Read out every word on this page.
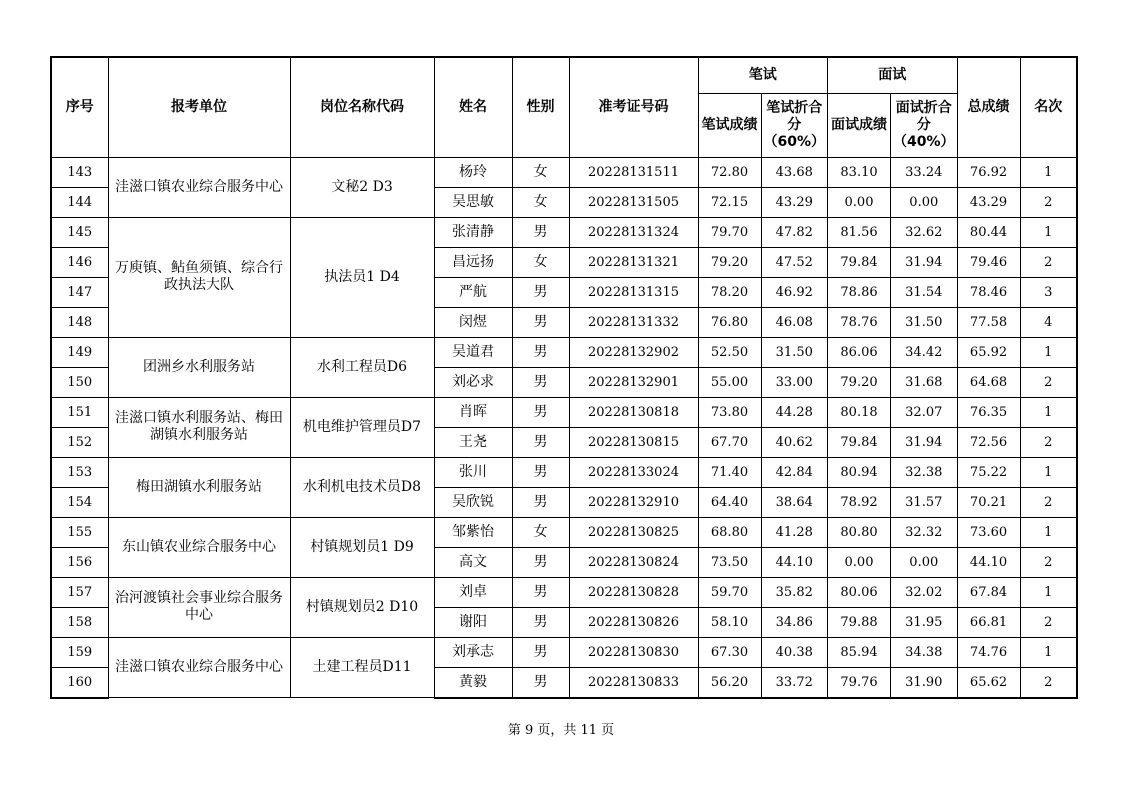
序号	报考单位	岗位名称代码	姓名	性别	准考证号码	笔试		面试		总成绩	名次
						笔试成绩	笔试折合分（60%）	面试成绩	面试折合分（40%）		
143	洼滋口镇农业综合服务中心	文秘2 D3	杨玲	女	20228131511	72.80	43.68	83.10	33.24	76.92	1
144			吴思敏	女	20228131505	72.15	43.29	0.00	0.00	43.29	2
145	万庾镇、鲇鱼须镇、综合行政执法大队	执法员1 D4	张清静	男	20228131324	79.70	47.82	81.56	32.62	80.44	1
146			昌远扬	女	20228131321	79.20	47.52	79.84	31.94	79.46	2
147			严航	男	20228131315	78.20	46.92	78.86	31.54	78.46	3
148			闵煜	男	20228131332	76.80	46.08	78.76	31.50	77.58	4
149	团洲乡水利服务站	水利工程员D6	吴道君	男	20228132902	52.50	31.50	86.06	34.42	65.92	1
150			刘必求	男	20228132901	55.00	33.00	79.20	31.68	64.68	2
151	洼滋口镇水利服务站、梅田湖镇水利服务站	机电维护管理员D7	肖晖	男	20228130818	73.80	44.28	80.18	32.07	76.35	1
152			王尧	男	20228130815	67.70	40.62	79.84	31.94	72.56	2
153	梅田湖镇水利服务站	水利机电技术员D8	张川	男	20228133024	71.40	42.84	80.94	32.38	75.22	1
154			吴欣锐	男	20228132910	64.40	38.64	78.92	31.57	70.21	2
155	东山镇农业综合服务中心	村镇规划员1 D9	邹紫怡	女	20228130825	68.80	41.28	80.80	32.32	73.60	1
156			高文	男	20228130824	73.50	44.10	0.00	0.00	44.10	2
157	治河渡镇社会事业综合服务中心	村镇规划员2 D10	刘卓	男	20228130828	59.70	35.82	80.06	32.02	67.84	1
158			谢阳	男	20228130826	58.10	34.86	79.88	31.95	66.81	2
159	洼滋口镇农业综合服务中心	土建工程员D11	刘承志	男	20228130830	67.30	40.38	85.94	34.38	74.76	1
160			黄毅	男	20228130833	56.20	33.72	79.76	31.90	65.62	2
第 9 页，共 11 页
